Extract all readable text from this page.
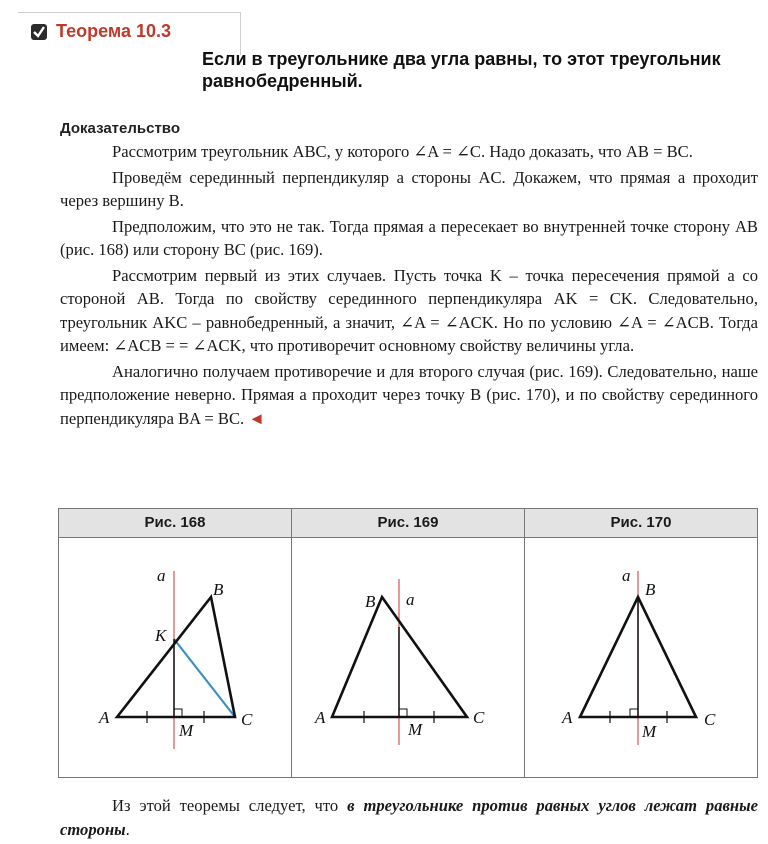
Теорема 10.3
Если в треугольнике два угла равны, то этот треугольник равнобедренный.
Доказательство

Рассмотрим треугольник ABC, у которого ∠A = ∠C. Надо доказать, что AB = BC.

Проведём серединный перпендикуляр a стороны AC. Докажем, что прямая a проходит через вершину B.

Предположим, что это не так. Тогда прямая a пересекает во внутренней точке сторону AB (рис. 168) или сторону BC (рис. 169).

Рассмотрим первый из этих случаев. Пусть точка K – точка пересечения прямой a со стороной AB. Тогда по свойству серединного перпендикуляра AK = CK. Следовательно, треугольник AKC – равнобедренный, а значит, ∠A = ∠ACK. Но по условию ∠A = ∠ACB. Тогда имеем: ∠ACB = = ∠ACK, что противоречит основному свойству величины угла.

Аналогично получаем противоречие и для второго случая (рис. 169). Следовательно, наше предположение неверно. Прямая a проходит через точку B (рис. 170), и по свойству серединного перпендикуляра BA = BC. ◄

Рис. 168	Рис. 169	Рис. 170
a
B
K
A	C
M
a
B
A	C
M
a
B
A	C
M

Из этой теоремы следует, что в треугольнике против равных углов лежат равные стороны.
